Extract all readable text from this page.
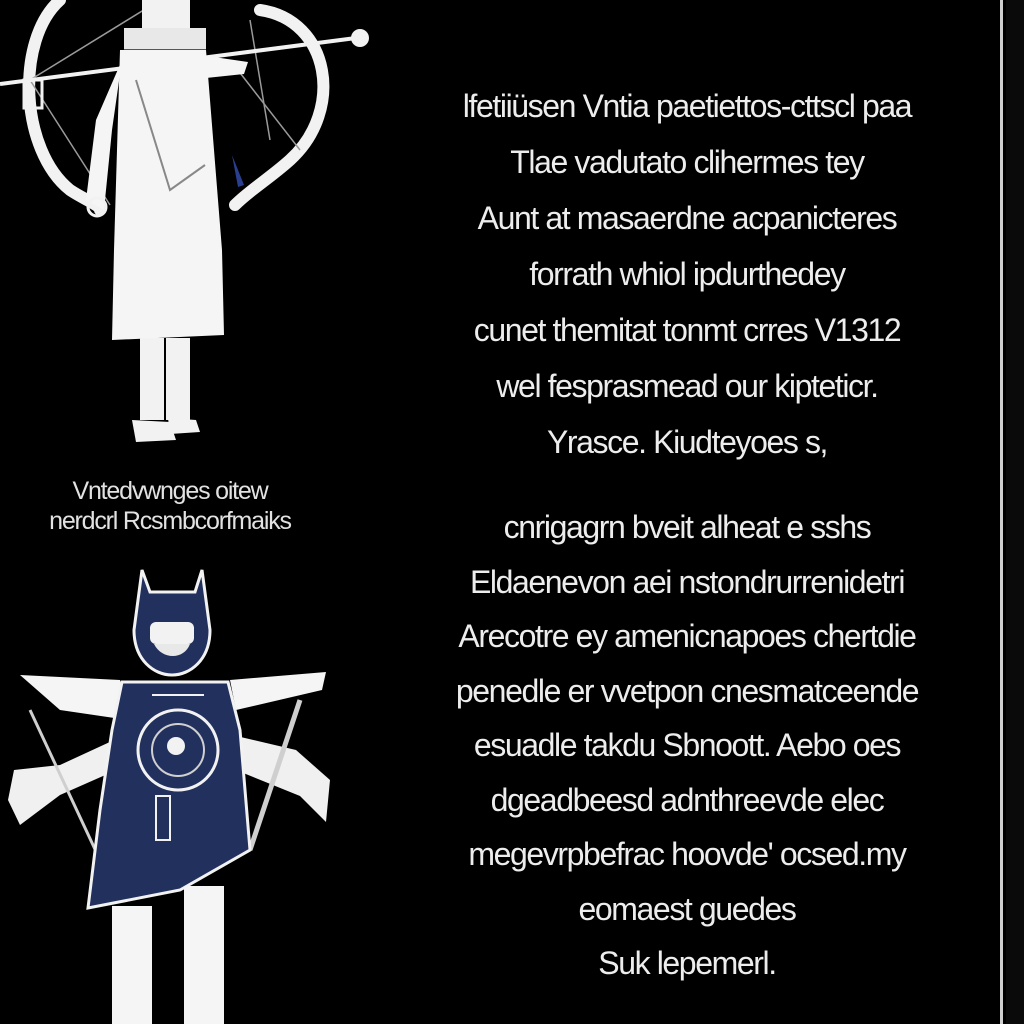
Vntedvwnges oitew
nerdcrl Rcsmbcorfmaiks
lfetiiüsen Vntia paetiettos-cttscl paa
Tlae vadutato clihermes tey
Aunt at masaerdne acpanicteres
forrath whiol ipdurthedey
cunet themitat tonmt crres V1312
wel fesprasmead our kipteticr.
Yrasce. Kiudteyoes s,
cnrigagrn bveit alheat e sshs
Eldaenevon aei nstondrurrenidetri
Arecotre ey amenicnapoes chertdie
penedle er vvetpon cnesmatceende
esuadle takdu Sbnoott. Aebo oes
dgeadbeesd adnthreevde elec
megevrpbefrac hoovde' ocsed.my
eomaest guedes
Suk lepemerl.
